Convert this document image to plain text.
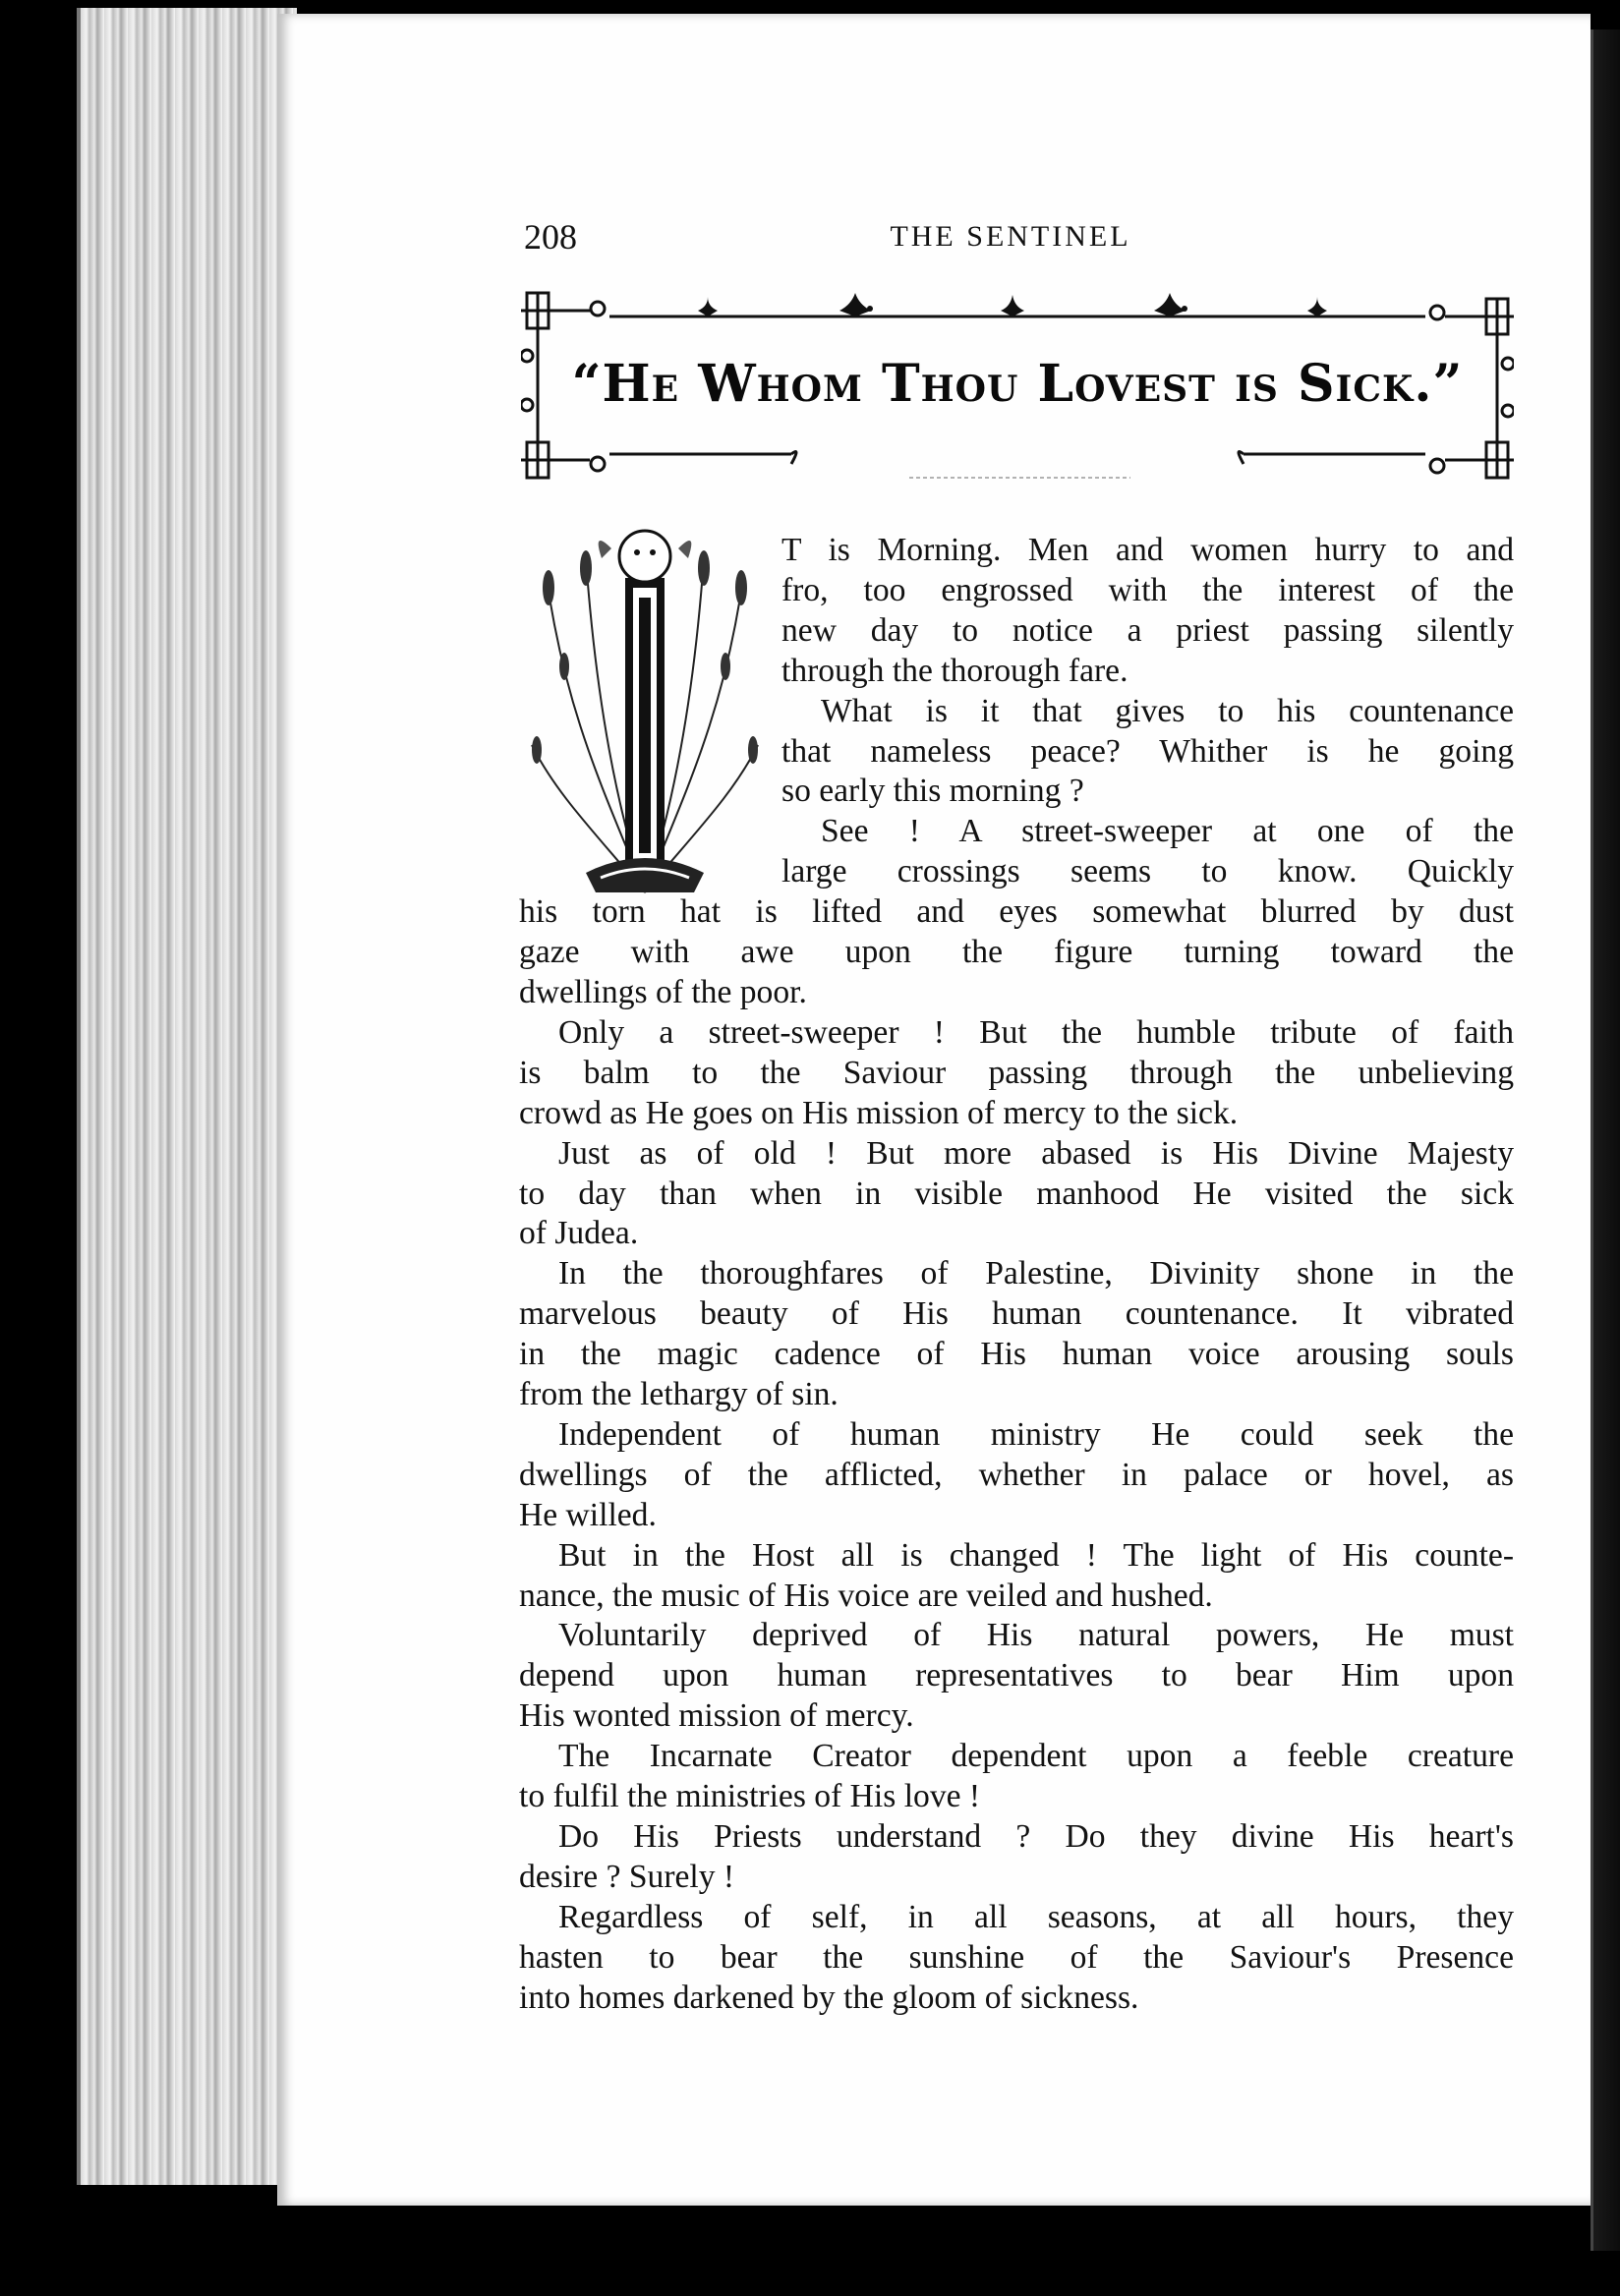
208	THE SENTINEL
“He Whom Thou Lovest is Sick.”
T is Morning. Men and women hurry to and
fro, too engrossed with the interest of the
new day to notice a priest passing silently
through the thorough fare.
What is it that gives to his countenance
that nameless peace? Whither is he going
so early this morning ?
See ! A street-sweeper at one of the
large crossings seems to know. Quickly
his torn hat is lifted and eyes somewhat blurred by dust
gaze with awe upon the figure turning toward the
dwellings of the poor.
Only a street-sweeper ! But the humble tribute of faith
is balm to the Saviour passing through the unbelieving
crowd as He goes on His mission of mercy to the sick.
Just as of old ! But more abased is His Divine Majesty
to day than when in visible manhood He visited the sick
of Judea.
In the thoroughfares of Palestine, Divinity shone in the
marvelous beauty of His human countenance. It vibrated
in the magic cadence of His human voice arousing souls
from the lethargy of sin.
Independent of human ministry He could seek the
dwellings of the afflicted, whether in palace or hovel, as
He willed.
But in the Host all is changed ! The light of His counte-
nance, the music of His voice are veiled and hushed.
Voluntarily deprived of His natural powers, He must
depend upon human representatives to bear Him upon
His wonted mission of mercy.
The Incarnate Creator dependent upon a feeble creature
to fulfil the ministries of His love !
Do His Priests understand ? Do they divine His heart's
desire ? Surely !
Regardless of self, in all seasons, at all hours, they
hasten to bear the sunshine of the Saviour's Presence
into homes darkened by the gloom of sickness.
